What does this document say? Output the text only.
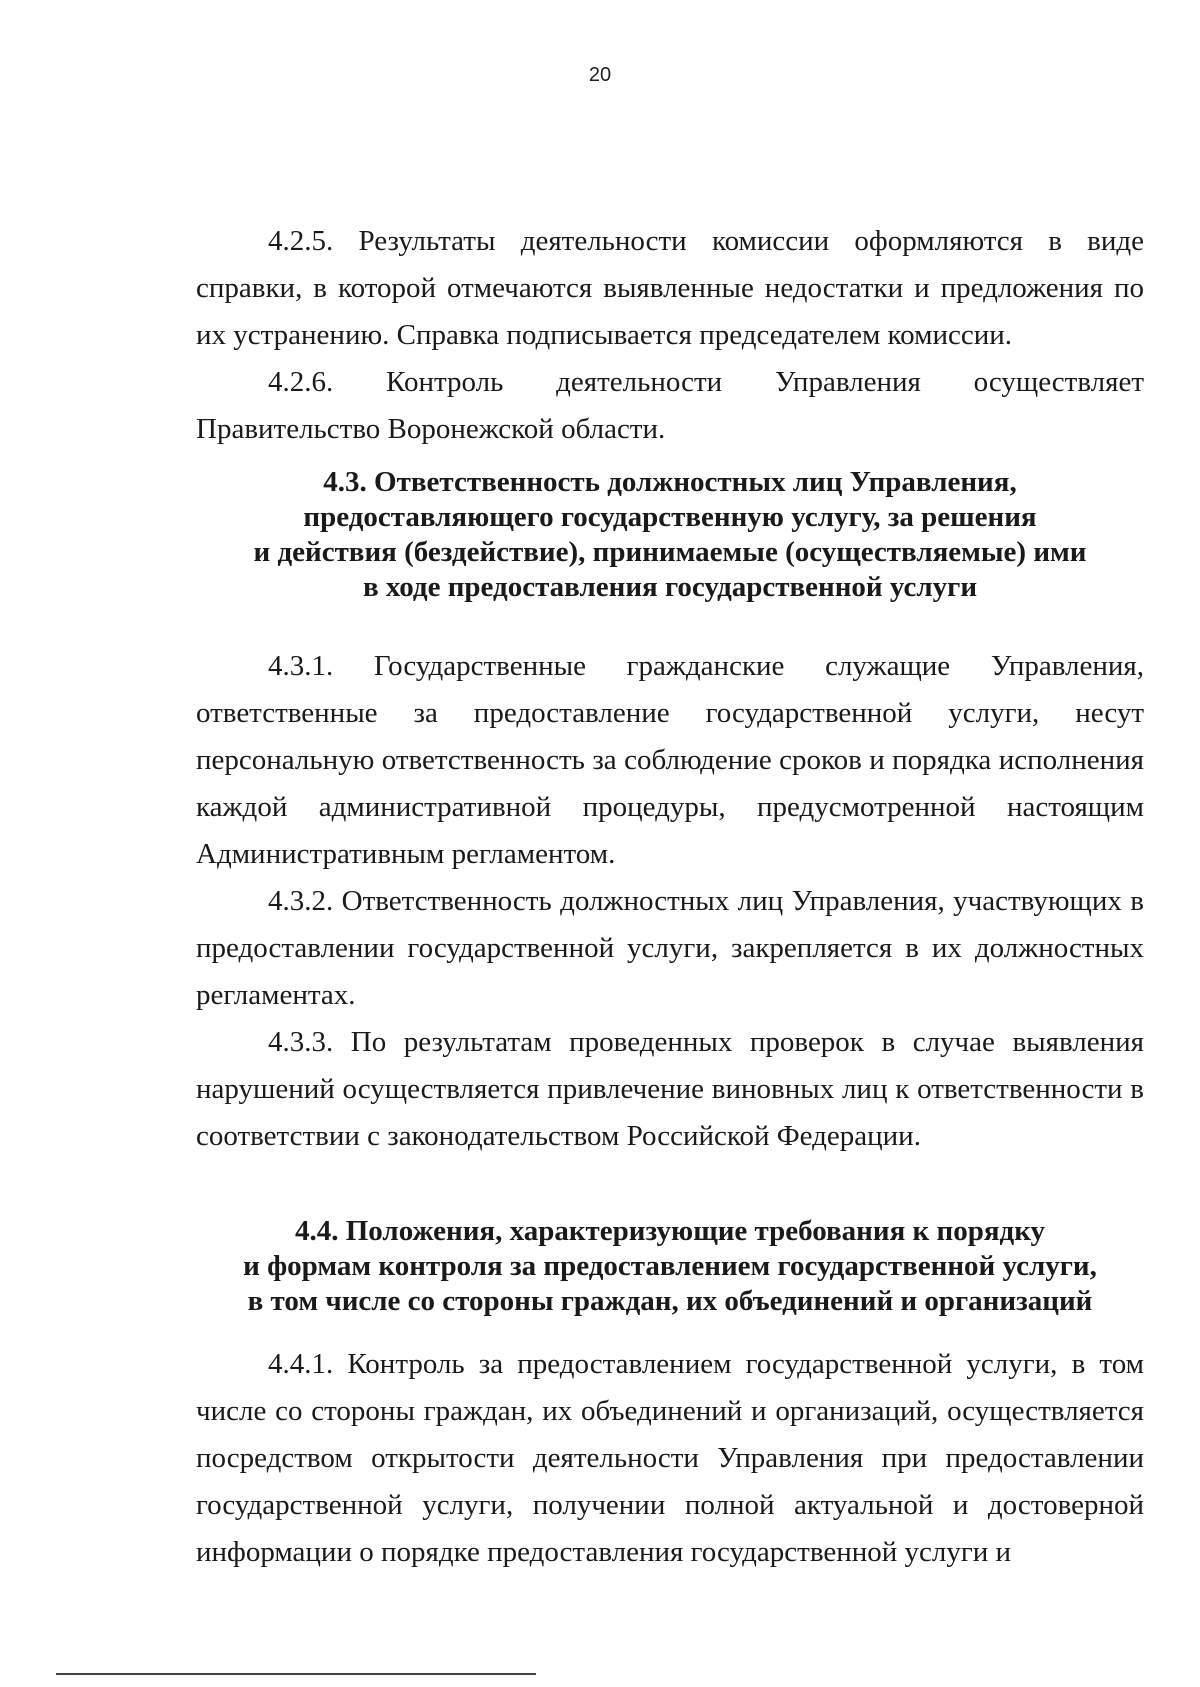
20

4.2.5. Результаты деятельности комиссии оформляются в виде справки, в которой отмечаются выявленные недостатки и предложения по их устранению. Справка подписывается председателем комиссии.

4.2.6. Контроль деятельности Управления осуществляет Правительство Воронежской области.

4.3. Ответственность должностных лиц Управления,
предоставляющего государственную услугу, за решения
и действия (бездействие), принимаемые (осуществляемые) ими
в ходе предоставления государственной услуги

4.3.1. Государственные гражданские служащие Управления, ответственные за предоставление государственной услуги, несут персональную ответственность за соблюдение сроков и порядка исполнения каждой административной процедуры, предусмотренной настоящим Административным регламентом.

4.3.2. Ответственность должностных лиц Управления, участвующих в предоставлении государственной услуги, закрепляется в их должностных регламентах.

4.3.3. По результатам проведенных проверок в случае выявления нарушений осуществляется привлечение виновных лиц к ответственности в соответствии с законодательством Российской Федерации.

4.4. Положения, характеризующие требования к порядку
и формам контроля за предоставлением государственной услуги,
в том числе со стороны граждан, их объединений и организаций

4.4.1. Контроль за предоставлением государственной услуги, в том числе со стороны граждан, их объединений и организаций, осуществляется посредством открытости деятельности Управления при предоставлении государственной услуги, получении полной актуальной и достоверной информации о порядке предоставления государственной услуги и
